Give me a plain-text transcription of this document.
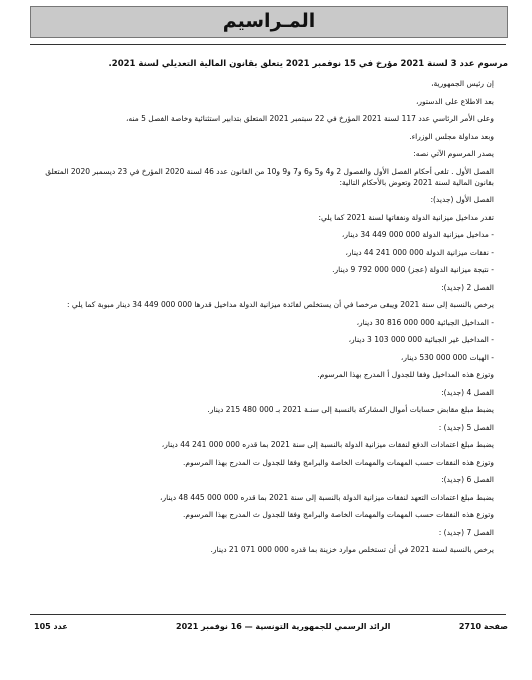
المـراسيم

مرسوم عدد 3 لسنة 2021 مؤرخ في 15 نوفمبر 2021 يتعلق بقانون المالية التعديلي لسنة 2021.

إن رئيس الجمهورية،

بعد الاطلاع على الدستور،

وعلى الأمر الرئاسي عدد 117 لسنة 2021 المؤرخ في 22 سبتمبر 2021 المتعلق بتدابير استثنائية وخاصة الفصل 5 منه،

وبعد مداولة مجلس الوزراء.

يصدر المرسوم الآتي نصه:

الفصل الأول . تلغى أحكام الفصل الأول والفصول 2 و4 و5 و6 و7 و9 و10 من القانون عدد 46 لسنة 2020 المؤرخ في 23 ديسمبر 2020 المتعلق بقانون المالية لسنة 2021 وتعوض بالأحكام التالية:

الفصل الأول (جديد):

تقدر مداخيل ميزانية الدولة ونفقاتها لسنة 2021 كما يلي:

- مداخيل ميزانية الدولة 000 000 449 34 دينار،

- نفقات ميزانية الدولة 000 000 241 44 دينار،

- نتيجة ميزانية الدولة (عجز) 000 000 792 9 دينار.

الفصل 2 (جديد):

يرخص بالنسبة إلى سنة 2021 ويبقى مرخصا في أن يستخلص لفائدة ميزانية الدولة مداخيل قدرها 000 000 449 34 دينار مبوبة كما يلي :

- المداخيل الجبائية 000 000 816 30 دينار،

- المداخيل غير الجبائية 000 000 103 3 دينار،

- الهبات 000 000 530 دينار،

وتوزع هذه المداخيل وفقا للجدول أ المدرج بهذا المرسوم.

الفصل 4 (جديد):

يضبط مبلغ مقابض حسابات أموال المشاركة بالنسبة إلى سنـة 2021 بـ 000 480 215 دينار.

الفصل 5 (جديد) :

يضبط مبلغ اعتمادات الدفع لنفقات ميزانية الدولة بالنسبة إلى سنة 2021 بما قدره 000 000 241 44 دينار،

وتوزع هذه النفقات حسب المهمات والمهمات الخاصة والبرامج وفقا للجدول ت المدرج بهذا المرسوم.

الفصل 6 (جديد):

يضبط مبلغ اعتمادات التعهد لنفقات ميزانية الدولة بالنسبة إلى سنة 2021 بما قدره 000 000 445 48 دينار،

وتوزع هذه النفقات حسب المهمات والمهمات الخاصة والبرامج وفقا للجدول ث المدرج بهذا المرسوم.

الفصل 7 (جديد) :

يرخص بالنسبة لسنة 2021 في أن تستخلص موارد خزينة بما قدره 000 000 071 21 دينار.

صفحة 2710
الرائد الرسمي للجمهورية التونسية — 16 نوفمبر 2021
عدد 105
